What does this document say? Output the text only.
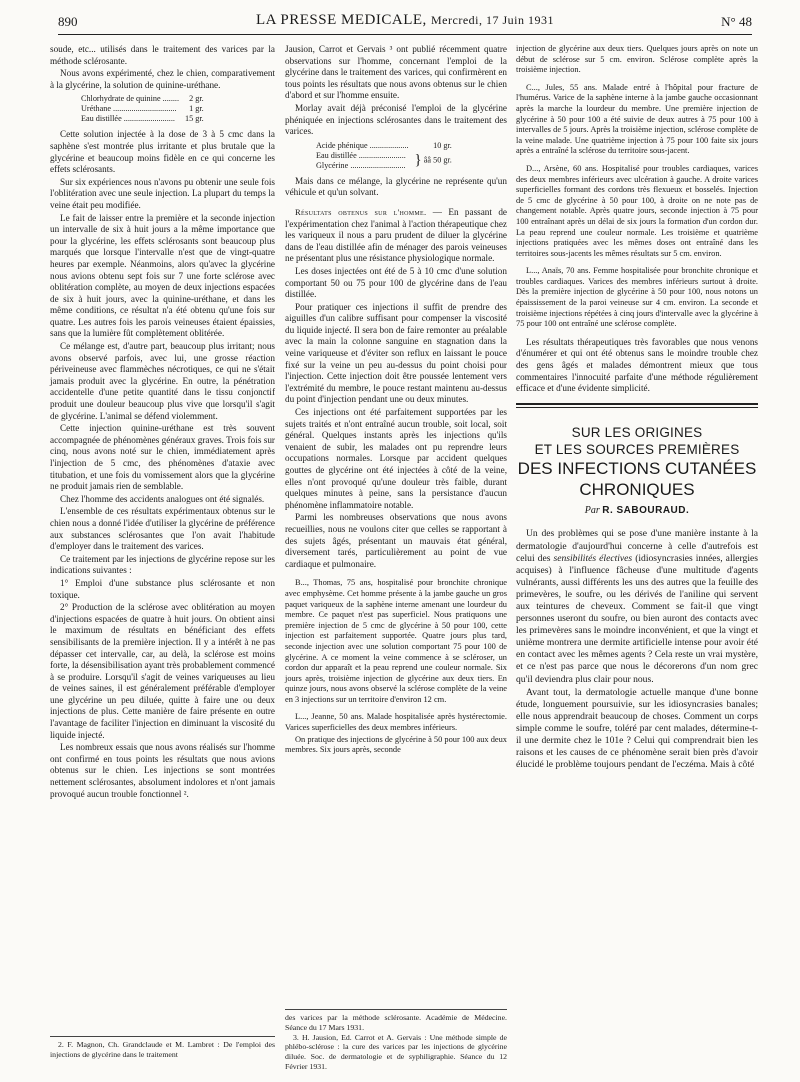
890	LA PRESSE MEDICALE, Mercredi, 17 Juin 1931	N° 48

soude, etc... utilisés dans le traitement des varices par la méthode sclérosante.

Nous avons expérimenté, chez le chien, comparativement à la glycérine, la solution de quinine-uréthane.

Chlorhydrate de quinine ........	2 gr.
Uréthane ...............................	1 gr.
Eau distillée .........................	15 gr.

Cette solution injectée à la dose de 3 à 5 cmc dans la saphène s'est montrée plus irritante et plus brutale que la glycérine et beaucoup moins fidèle en ce qui concerne les effets sclérosants.

Sur six expériences nous n'avons pu obtenir une seule fois l'oblitération avec une seule injection. La plupart du temps la veine était peu modifiée.

Le fait de laisser entre la première et la seconde injection un intervalle de six à huit jours a la même importance que pour la glycérine, les effets sclérosants sont beaucoup plus marqués que lorsque l'intervalle n'est que de vingt-quatre heures par exemple. Néanmoins, alors qu'avec la glycérine nous avions obtenu sept fois sur 7 une forte sclérose avec oblitération complète, au moyen de deux injections espacées de six à huit jours, avec la quinine-uréthane, et dans les même conditions, ce résultat n'a été obtenu qu'une fois sur quatre. Les autres fois les parois veineuses étaient épaissies, sans que la lumière fût complètement oblitérée.

Ce mélange est, d'autre part, beaucoup plus irritant; nous avons observé parfois, avec lui, une grosse réaction périveineuse avec flammèches nécrotiques, ce qui ne s'était jamais produit avec la glycérine. En outre, la pénétration accidentelle d'une petite quantité dans le tissu conjonctif produit une douleur beaucoup plus vive que lorsqu'il s'agit de glycérine. L'animal se défend violemment.

Cette injection quinine-uréthane est très souvent accompagnée de phénomènes généraux graves. Trois fois sur cinq, nous avons noté sur le chien, immédiatement après l'injection de 5 cmc, des phénomènes d'ataxie avec titubation, et une fois du vomissement alors que la glycérine ne produit jamais rien de semblable.

Chez l'homme des accidents analogues ont été signalés.

L'ensemble de ces résultats expérimentaux obtenus sur le chien nous a donné l'idée d'utiliser la glycérine de préférence aux substances sclérosantes que l'on avait l'habitude d'employer dans le traitement des varices.

Ce traitement par les injections de glycérine repose sur les indications suivantes :

1° Emploi d'une substance plus sclérosante et non toxique.

2° Production de la sclérose avec oblitération au moyen d'injections espacées de quatre à huit jours. On obtient ainsi le maximum de résultats en bénéficiant des effets sensibilisants de la première injection. Il y a intérêt à ne pas dépasser cet intervalle, car, au delà, la sclérose est moins forte, la désensibilisation ayant très probablement commencé à se produire. Lorsqu'il s'agit de veines variqueuses au lieu de veines saines, il est généralement préférable d'employer une glycérine un peu diluée, quitte à faire une ou deux injections de plus. Cette manière de faire présente en outre l'avantage de faciliter l'injection en diminuant la viscosité du liquide injecté.

Les nombreux essais que nous avons réalisés sur l'homme ont confirmé en tous points les résultats que nous avions obtenus sur le chien. Les injections se sont montrées nettement sclérosantes, absolument indolores et n'ont jamais provoqué aucun trouble fonctionnel ².

2. F. Magnon, Ch. Grandclaude et M. Lambret : De l'emploi des injections de glycérine dans le traitement

Jausion, Carrot et Gervais ³ ont publié récemment quatre observations sur l'homme, concernant l'emploi de la glycérine dans le traitement des varices, qui confirmèrent en tous points les résultats que nous avons obtenus sur le chien d'abord et sur l'homme ensuite.

Morlay avait déjà préconisé l'emploi de la glycérine phéniquée en injections sclérosantes dans le traitement des varices.

Acide phénique ...................	10 gr.
Eau distillée .......................	} ââ 50 gr.
Glycérine ...........................	

Mais dans ce mélange, la glycérine ne représente qu'un véhicule et qu'un solvant.

Résultats obtenus sur l'homme. — En passant de l'expérimentation chez l'animal à l'action thérapeutique chez les variqueux il nous a paru prudent de diluer la glycérine dans de l'eau distillée afin de ménager des parois veineuses ne présentant plus une résistance physiologique normale.

Les doses injectées ont été de 5 à 10 cmc d'une solution comportant 50 ou 75 pour 100 de glycérine dans de l'eau distillée.

Pour pratiquer ces injections il suffit de prendre des aiguilles d'un calibre suffisant pour compenser la viscosité du liquide injecté. Il sera bon de faire remonter au préalable avec la main la colonne sanguine en stagnation dans la veine variqueuse et d'éviter son reflux en laissant le pouce fixé sur la veine un peu au-dessus du point choisi pour l'injection. Cette injection doit être poussée lentement vers l'extrémité du membre, le pouce restant maintenu au-dessus du point d'injection pendant une ou deux minutes.

Ces injections ont été parfaitement supportées par les sujets traités et n'ont entraîné aucun trouble, soit local, soit général. Quelques instants après les injections qu'ils venaient de subir, les malades ont pu reprendre leurs occupations normales. Lorsque par accident quelques gouttes de glycérine ont été injectées à côté de la veine, elles n'ont provoqué qu'une douleur très faible, durant quelques minutes à peine, sans la persistance d'aucun phénomène inflammatoire notable.

Parmi les nombreuses observations que nous avons recueillies, nous ne voulons citer que celles se rapportant à des sujets âgés, présentant un mauvais état général, diversement tarés, particulièrement au point de vue cardiaque et pulmonaire.

B..., Thomas, 75 ans, hospitalisé pour bronchite chronique avec emphysème. Cet homme présente à la jambe gauche un gros paquet variqueux de la saphène interne amenant une lourdeur du membre. Ce paquet n'est pas superficiel. Nous pratiquons une première injection de 5 cmc de glycérine à 50 pour 100, cette injection est parfaitement supportée. Quatre jours plus tard, seconde injection avec une solution comportant 75 pour 100 de glycérine. A ce moment la veine commence à se scléroser, un cordon dur apparaît et la peau reprend une couleur normale. Six jours après, troisième injection de glycérine aux deux tiers. En quinze jours, nous avons observé la sclérose complète de la veine en 3 injections sur un territoire d'environ 12 cm.

L..., Jeanne, 50 ans. Malade hospitalisée après hystérectomie. Varices superficielles des deux membres inférieurs.

On pratique des injections de glycérine à 50 pour 100 aux deux membres. Six jours après, seconde

des varices par la méthode sclérosante. Académie de Médecine. Séance du 17 Mars 1931.

3. H. Jausion, Ed. Carrot et A. Gervais : Une méthode simple de phlébo-sclérose : la cure des varices par les injections de glycérine diluée. Soc. de dermatologie et de syphiligraphie. Séance du 12 Février 1931.

injection de glycérine aux deux tiers. Quelques jours après on note un début de sclérose sur 5 cm. environ. Sclérose complète après la troisième injection.

C..., Jules, 55 ans. Malade entré à l'hôpital pour fracture de l'humérus. Varice de la saphène interne à la jambe gauche occasionnant après la marche la lourdeur du membre. Une première injection de glycérine à 50 pour 100 a été suivie de deux autres à 75 pour 100 à intervalles de 5 jours. Après la troisième injection, sclérose complète de la veine malade. Une quatrième injection à 75 pour 100 faite six jours après a entraîné la sclérose du territoire sous-jacent.

D..., Arsène, 60 ans. Hospitalisé pour troubles cardiaques, varices des deux membres inférieurs avec ulcération à gauche. A droite varices superficielles formant des cordons très flexueux et bosselés. Injection de 5 cmc de glycérine à 50 pour 100, à droite on ne note pas de changement notable. Après quatre jours, seconde injection à 75 pour 100 entraînant après un délai de six jours la formation d'un cordon dur. La peau reprend une couleur normale. Les troisième et quatrième injections pratiquées avec les mêmes doses ont entraîné dans les territoires sous-jacents les mêmes résultats sur 5 cm. environ.

L..., Anaïs, 70 ans. Femme hospitalisée pour bronchite chronique et troubles cardiaques. Varices des membres inférieurs surtout à droite. Dès la première injection de glycérine à 50 pour 100, nous notons un épaississement de la paroi veineuse sur 4 cm. environ. La seconde et troisième injections répétées à cinq jours d'intervalle avec la glycérine à 75 pour 100 ont entraîné une sclérose complète.

Les résultats thérapeutiques très favorables que nous venons d'énumérer et qui ont été obtenus sans le moindre trouble chez des gens âgés et malades démontrent mieux que tous commentaires l'innocuité parfaite d'une méthode régulièrement efficace et d'une évidente simplicité.

SUR LES ORIGINES
ET LES SOURCES PREMIÈRES
DES INFECTIONS CUTANÉES
CHRONIQUES
Par R. SABOURAUD.

Un des problèmes qui se pose d'une manière instante à la dermatologie d'aujourd'hui concerne à celle d'autrefois est celui des sensibilités électives (idiosyncrasies innées, allergies acquises) à l'influence fâcheuse d'une multitude d'agents vulnérants, aussi différents les uns des autres que la feuille des primevères, le soufre, ou les dérivés de l'aniline qui servent aux teintures de cheveux. Comment se fait-il que vingt personnes useront du soufre, ou bien auront des contacts avec les primevères sans le moindre inconvénient, et que la vingt et unième montrera une dermite artificielle intense pour avoir été en contact avec les mêmes agents ? Cela reste un vrai mystère, et ce n'est pas parce que nous le décorerons d'un nom grec qu'il deviendra plus clair pour nous.

Avant tout, la dermatologie actuelle manque d'une bonne étude, longuement poursuivie, sur les idiosyncrasies banales; elle nous apprendrait beaucoup de choses. Comment un corps simple comme le soufre, toléré par cent malades, détermine-t-il une dermite chez le 101e ? Celui qui comprendrait bien les raisons et les causes de ce phénomène serait bien près d'avoir élucidé le problème toujours pendant de l'eczéma. Mais à côté
